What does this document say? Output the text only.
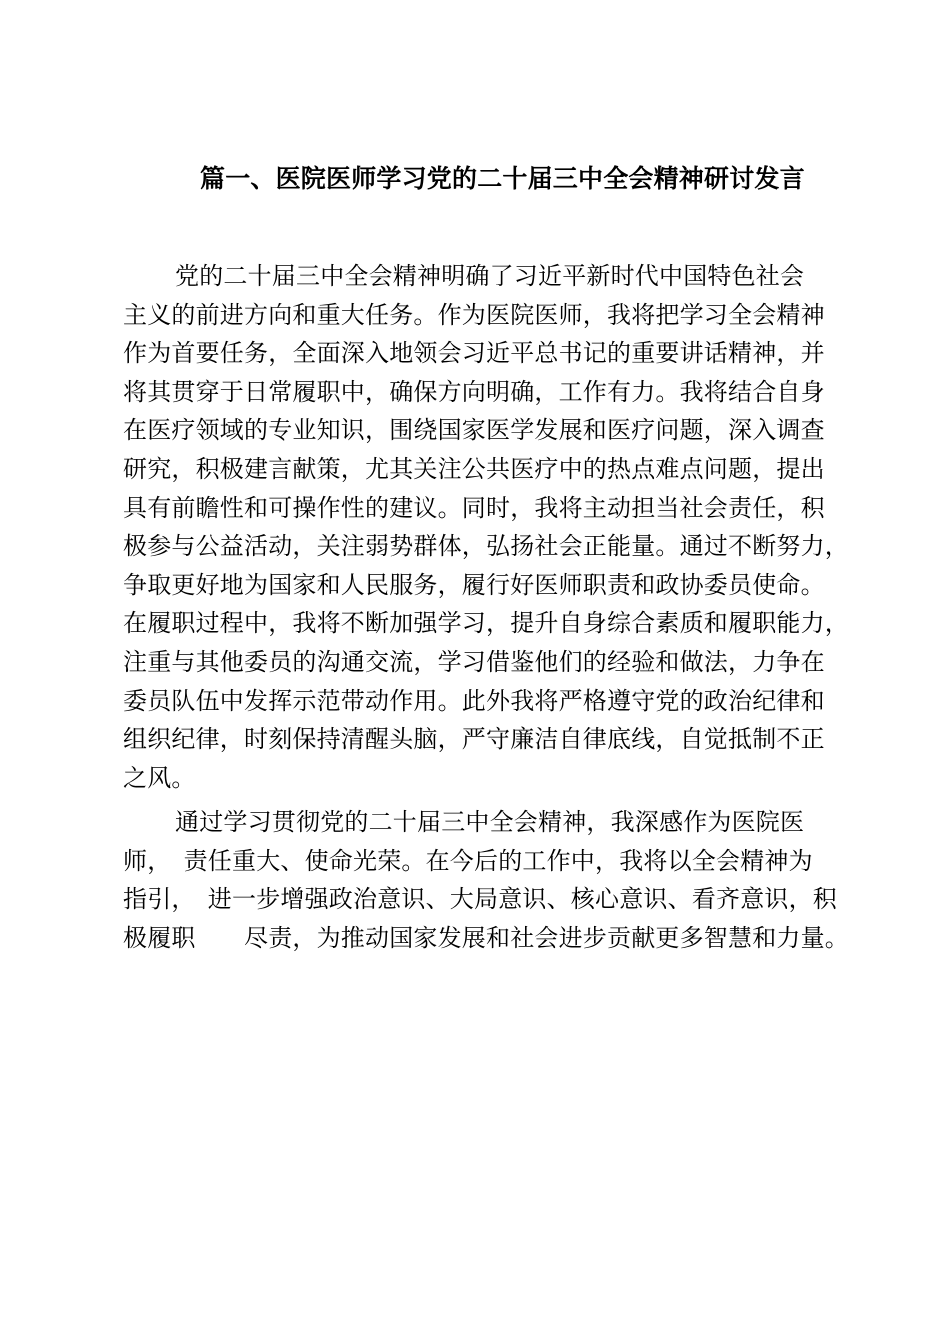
篇一、医院医师学习党的二十届三中全会精神研讨发言
党的二十届三中全会精神明确了习近平新时代中国特色社会
主义的前进方向和重大任务。作为医院医师，我将把学习全会精神
作为首要任务，全面深入地领会习近平总书记的重要讲话精神，并
将其贯穿于日常履职中，确保方向明确，工作有力。我将结合自身
在医疗领域的专业知识，围绕国家医学发展和医疗问题，深入调查
研究，积极建言献策，尤其关注公共医疗中的热点难点问题，提出
具有前瞻性和可操作性的建议。同时，我将主动担当社会责任，积
极参与公益活动，关注弱势群体，弘扬社会正能量。通过不断努力，
争取更好地为国家和人民服务，履行好医师职责和政协委员使命。
在履职过程中，我将不断加强学习，提升自身综合素质和履职能力，
注重与其他委员的沟通交流，学习借鉴他们的经验和做法，力争在
委员队伍中发挥示范带动作用。此外我将严格遵守党的政治纪律和
组织纪律，时刻保持清醒头脑，严守廉洁自律底线，自觉抵制不正
之风。
通过学习贯彻党的二十届三中全会精神，我深感作为医院医
师，　责任重大、使命光荣。在今后的工作中，我将以全会精神为
指引，　进一步增强政治意识、大局意识、核心意识、看齐意识，积
极履职　　尽责，为推动国家发展和社会进步贡献更多智慧和力量。
